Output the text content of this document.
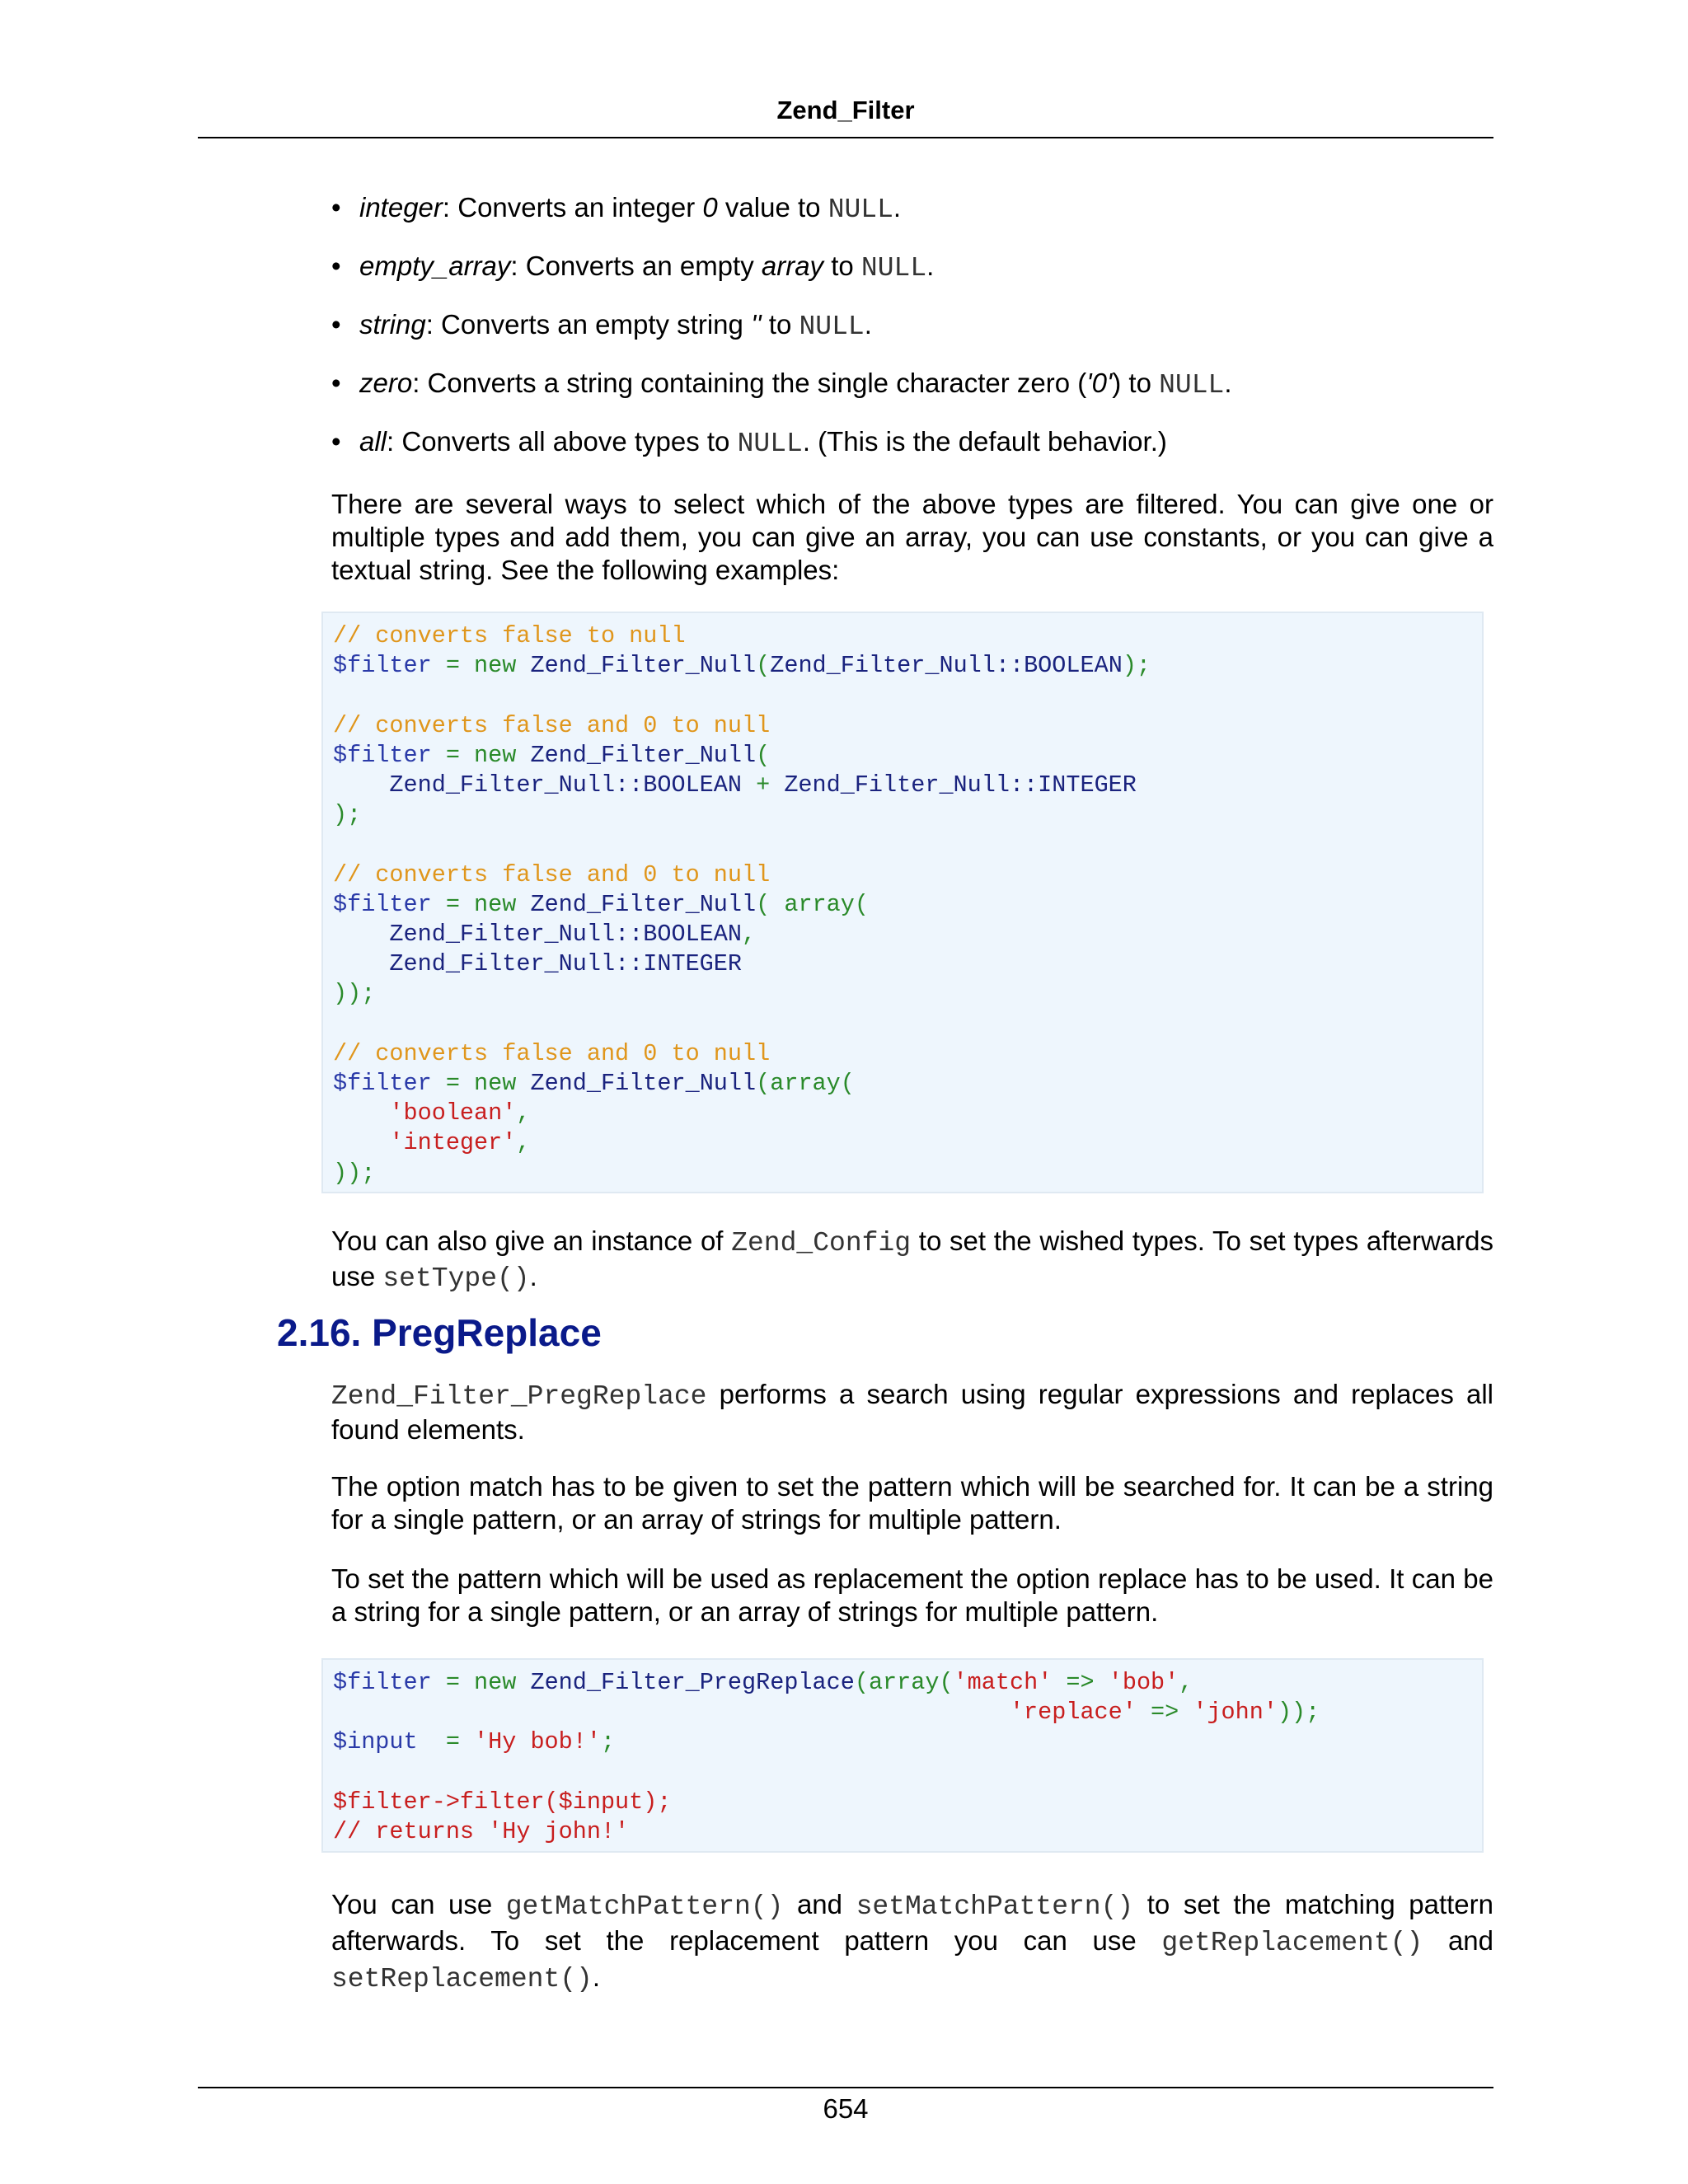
Zend_Filter
• integer: Converts an integer 0 value to NULL.
• empty_array: Converts an empty array to NULL.
• string: Converts an empty string '' to NULL.
• zero: Converts a string containing the single character zero ('0') to NULL.
• all: Converts all above types to NULL. (This is the default behavior.)

There are several ways to select which of the above types are filtered. You can give one or multiple types and add them, you can give an array, you can use constants, or you can give a textual string. See the following examples:

// converts false to null
$filter = new Zend_Filter_Null(Zend_Filter_Null::BOOLEAN);

// converts false and 0 to null
$filter = new Zend_Filter_Null(
Zend_Filter_Null::BOOLEAN + Zend_Filter_Null::INTEGER
);

// converts false and 0 to null
$filter = new Zend_Filter_Null( array(
Zend_Filter_Null::BOOLEAN,
Zend_Filter_Null::INTEGER
));

// converts false and 0 to null
$filter = new Zend_Filter_Null(array(
'boolean',
'integer',
));

You can also give an instance of Zend_Config to set the wished types. To set types afterwards use setType().

2.16. PregReplace

Zend_Filter_PregReplace performs a search using regular expressions and replaces all found elements.

The option match has to be given to set the pattern which will be searched for. It can be a string for a single pattern, or an array of strings for multiple pattern.

To set the pattern which will be used as replacement the option replace has to be used. It can be a string for a single pattern, or an array of strings for multiple pattern.

$filter = new Zend_Filter_PregReplace(array('match' => 'bob',
'replace' => 'john'));
$input  = 'Hy bob!';

$filter->filter($input);
// returns 'Hy john!'

You can use getMatchPattern() and setMatchPattern() to set the matching pattern afterwards. To set the replacement pattern you can use getReplacement() and setReplacement().

654
